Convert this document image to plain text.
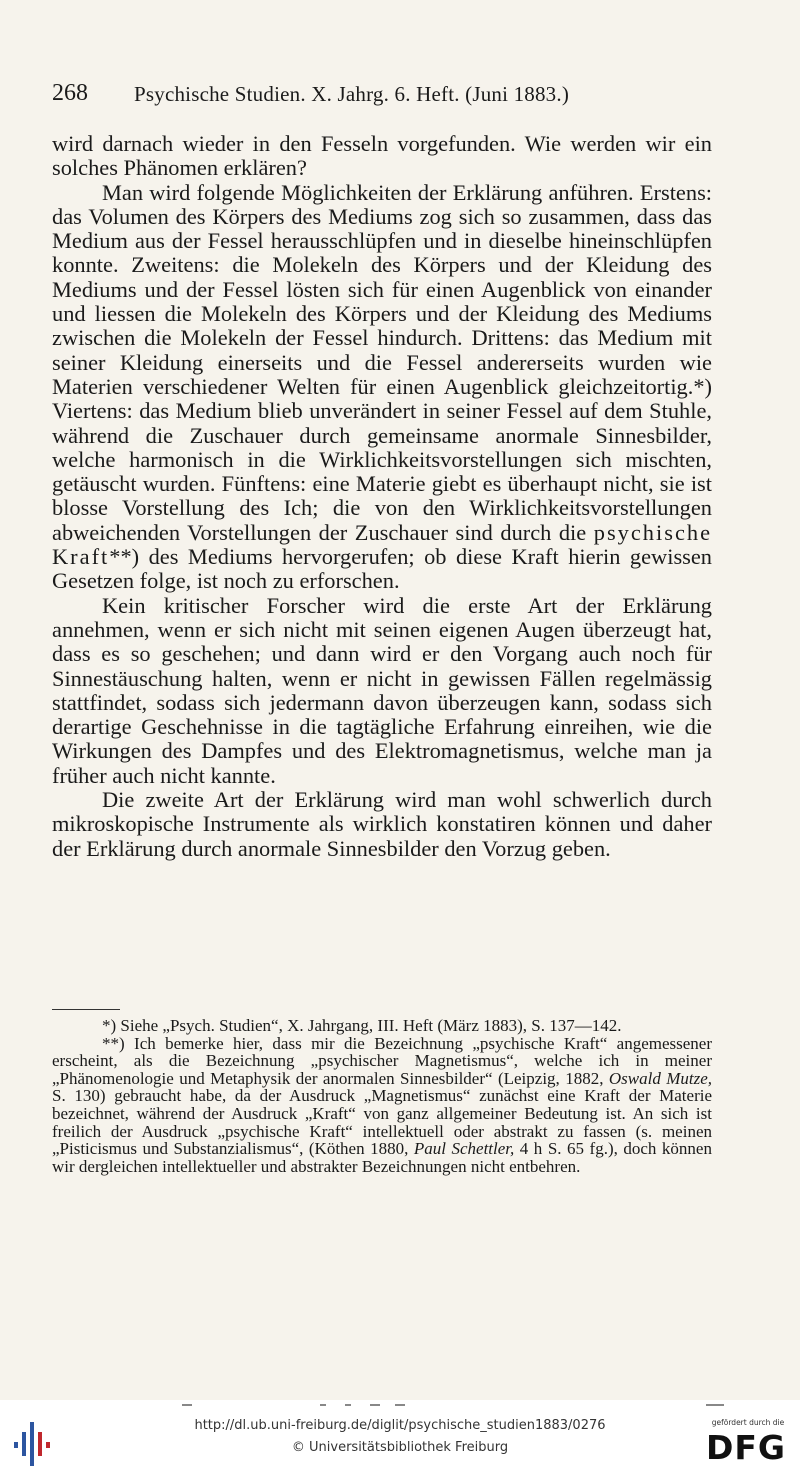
268 Psychische Studien. X. Jahrg. 6. Heft. (Juni 1883.)

wird darnach wieder in den Fesseln vorgefunden. Wie werden wir ein solches Phänomen erklären?

Man wird folgende Möglichkeiten der Erklärung anführen. Erstens: das Volumen des Körpers des Mediums zog sich so zusammen, dass das Medium aus der Fessel herausschlüpfen und in dieselbe hineinschlüpfen konnte. Zweitens: die Molekeln des Körpers und der Kleidung des Mediums und der Fessel lösten sich für einen Augenblick von einander und liessen die Molekeln des Körpers und der Kleidung des Mediums zwischen die Molekeln der Fessel hindurch. Drittens: das Medium mit seiner Kleidung einerseits und die Fessel andererseits wurden wie Materien verschiedener Welten für einen Augenblick gleichzeitortig.*) Viertens: das Medium blieb unverändert in seiner Fessel auf dem Stuhle, während die Zuschauer durch gemeinsame anormale Sinnesbilder, welche harmonisch in die Wirklichkeitsvorstellungen sich mischten, getäuscht wurden. Fünftens: eine Materie giebt es überhaupt nicht, sie ist blosse Vorstellung des Ich; die von den Wirklichkeitsvorstellungen abweichenden Vorstellungen der Zuschauer sind durch die psychische Kraft**) des Mediums hervorgerufen; ob diese Kraft hierin gewissen Gesetzen folge, ist noch zu erforschen.

Kein kritischer Forscher wird die erste Art der Erklärung annehmen, wenn er sich nicht mit seinen eigenen Augen überzeugt hat, dass es so geschehen; und dann wird er den Vorgang auch noch für Sinnestäuschung halten, wenn er nicht in gewissen Fällen regelmässig stattfindet, sodass sich jedermann davon überzeugen kann, sodass sich derartige Geschehnisse in die tagtägliche Erfahrung einreihen, wie die Wirkungen des Dampfes und des Elektromagnetismus, welche man ja früher auch nicht kannte.

Die zweite Art der Erklärung wird man wohl schwerlich durch mikroskopische Instrumente als wirklich konstatiren können und daher der Erklärung durch anormale Sinnesbilder den Vorzug geben.

*) Siehe „Psych. Studien“, X. Jahrgang, III. Heft (März 1883), S. 137—142.

**) Ich bemerke hier, dass mir die Bezeichnung „psychische Kraft“ angemessener erscheint, als die Bezeichnung „psychischer Magnetismus“, welche ich in meiner „Phänomenologie und Metaphysik der anormalen Sinnesbilder“ (Leipzig, 1882, Oswald Mutze, S. 130) gebraucht habe, da der Ausdruck „Magnetismus“ zunächst eine Kraft der Materie bezeichnet, während der Ausdruck „Kraft“ von ganz allgemeiner Bedeutung ist. An sich ist freilich der Ausdruck „psychische Kraft“ intellektuell oder abstrakt zu fassen (s. meinen „Pisticismus und Substanzialismus“, (Köthen 1880, Paul Schettler, 4 h S. 65 fg.), doch können wir dergleichen intellektueller und abstrakter Bezeichnungen nicht entbehren.

http://dl.ub.uni-freiburg.de/diglit/psychische_studien1883/0276
© Universitätsbibliothek Freiburg
gefördert durch die
DFG
